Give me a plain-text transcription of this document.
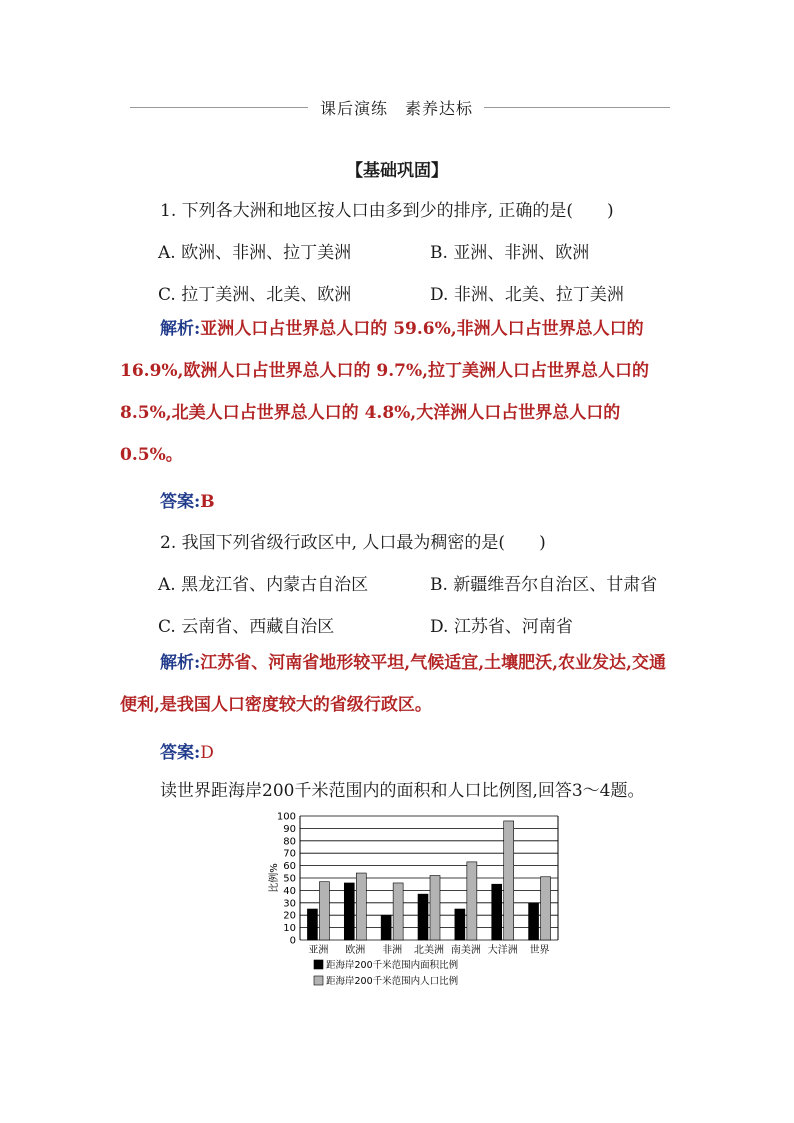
课后演练　素养达标
【基础巩固】
1. 下列各大洲和地区按人口由多到少的排序, 正确的是(　　)
A. 欧洲、非洲、拉丁美洲	B. 亚洲、非洲、欧洲
C. 拉丁美洲、北美、欧洲	D. 非洲、北美、拉丁美洲
解析:亚洲人口占世界总人口的 59.6%,非洲人口占世界总人口的 16.9%,欧洲人口占世界总人口的 9.7%,拉丁美洲人口占世界总人口的 8.5%,北美人口占世界总人口的 4.8%,大洋洲人口占世界总人口的 0.5%。
答案:B
2. 我国下列省级行政区中, 人口最为稠密的是(　　)
A. 黑龙江省、内蒙古自治区	B. 新疆维吾尔自治区、甘肃省
C. 云南省、西藏自治区	D. 江苏省、河南省
解析:江苏省、河南省地形较平坦,气候适宜,土壤肥沃,农业发达,交通便利,是我国人口密度较大的省级行政区。
答案:D
读世界距海岸200千米范围内的面积和人口比例图,回答3～4题。
0
10
20
30
40
50
60
70
80
90
100
比例%
亚洲 欧洲 非洲 北美洲 南美洲 大洋洲 世界
距海岸200千米范围内面积比例
距海岸200千米范围内人口比例
